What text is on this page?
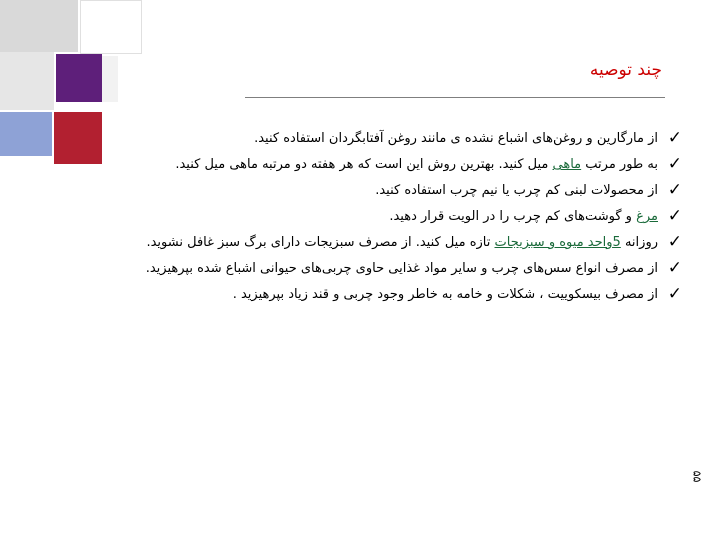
چند توصیه
✓
از مارگارین و روغن‌های اشباع نشده ی مانند روغن آفتابگردان استفاده کنید.
✓
به طور مرتب ماهی میل کنید. بهترین روش این است که هر هفته دو مرتبه ماهی میل کنید.
✓
از محصولات لبنی کم چرب یا نیم چرب استفاده کنید.
✓
مرغ و گوشت‌های کم چرب را در الویت قرار دهید.
✓
روزانه 5واحد میوه و سبزیجات تازه میل کنید. از مصرف سبزیجات دارای برگ سبز غافل نشوید.
✓
از مصرف انواع سس‌های چرب و سایر مواد غذایی حاوی چربی‌های حیوانی اشباع شده بپرهیزید.
✓
از مصرف بیسکوییت ، شکلات و خامه به خاطر وجود چربی و قند زیاد بپرهیزید .
۵۵
